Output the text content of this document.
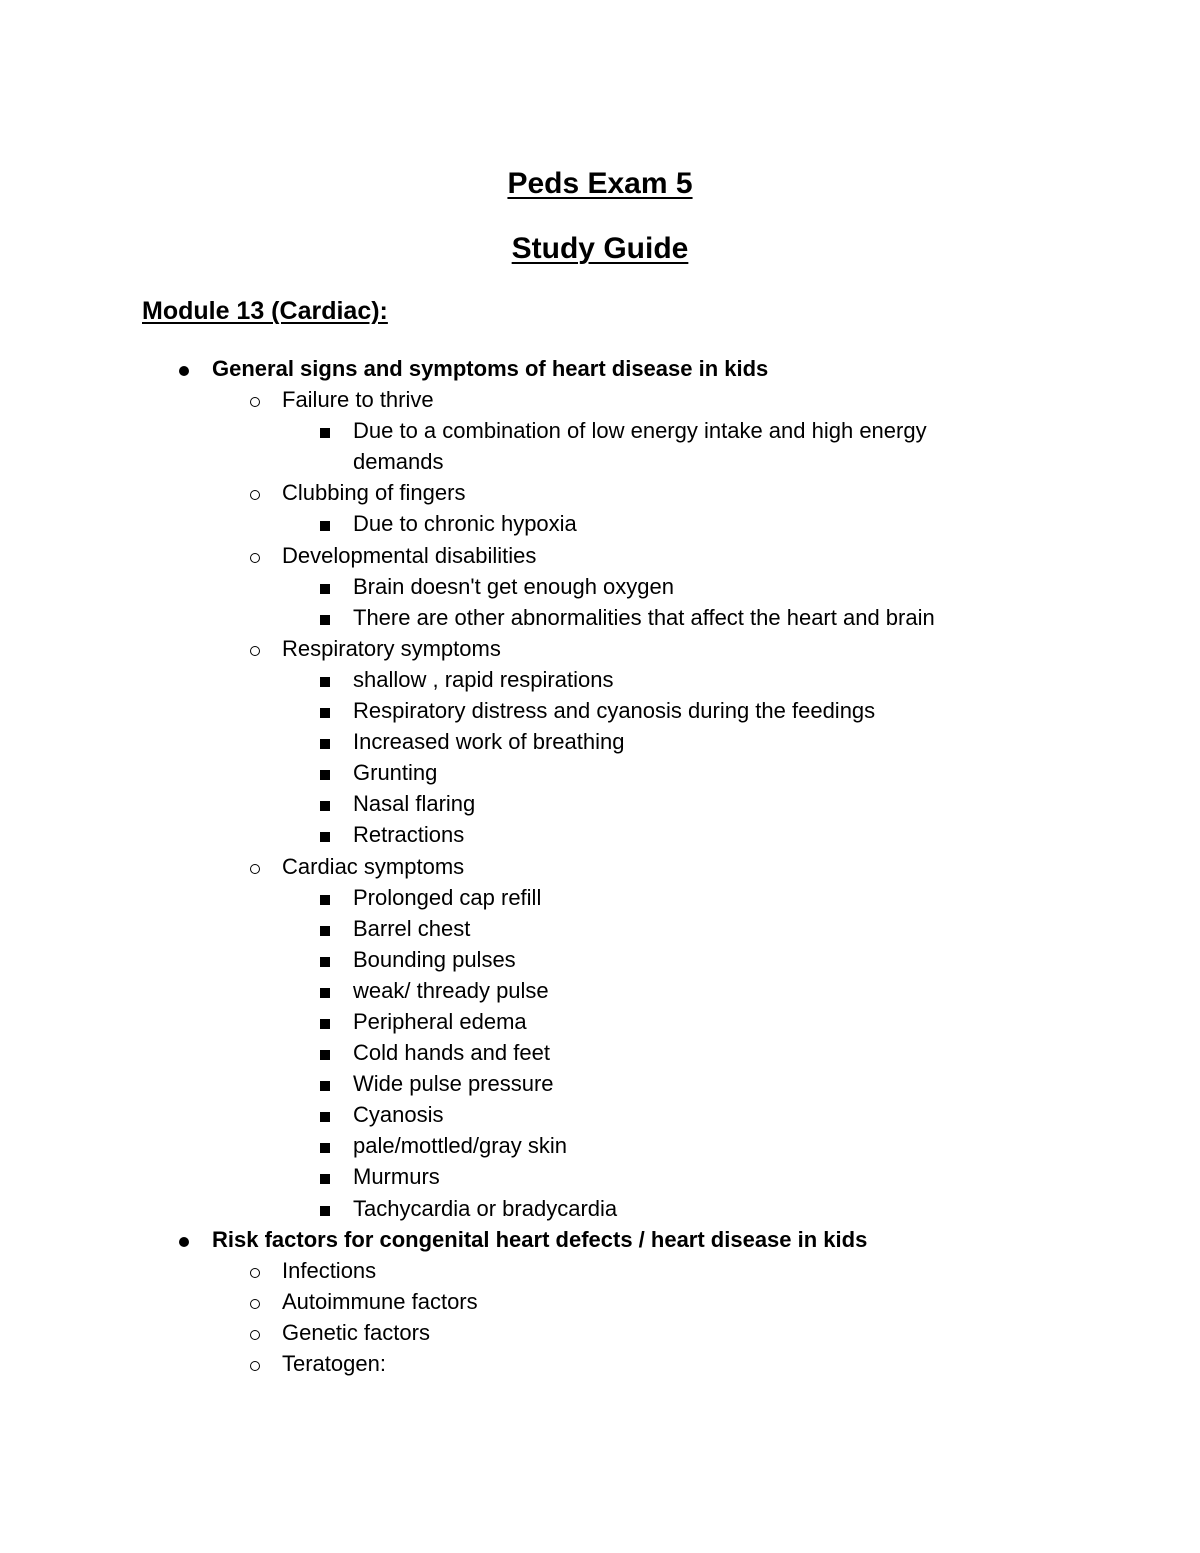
Peds Exam 5
Study Guide
Module 13 (Cardiac):
General signs and symptoms of heart disease in kids
Failure to thrive
Due to a combination of low energy intake and high energy demands
Clubbing of fingers
Due to chronic hypoxia
Developmental disabilities
Brain doesn't get enough oxygen
There are other abnormalities that affect the heart and brain
Respiratory symptoms
shallow , rapid respirations
Respiratory distress and cyanosis during the feedings
Increased work of breathing
Grunting
Nasal flaring
Retractions
Cardiac symptoms
Prolonged cap refill
Barrel chest
Bounding pulses
weak/ thready pulse
Peripheral edema
Cold hands and feet
Wide pulse pressure
Cyanosis
pale/mottled/gray skin
Murmurs
Tachycardia or bradycardia
Risk factors for congenital heart defects / heart disease in kids
Infections
Autoimmune factors
Genetic factors
Teratogen:
